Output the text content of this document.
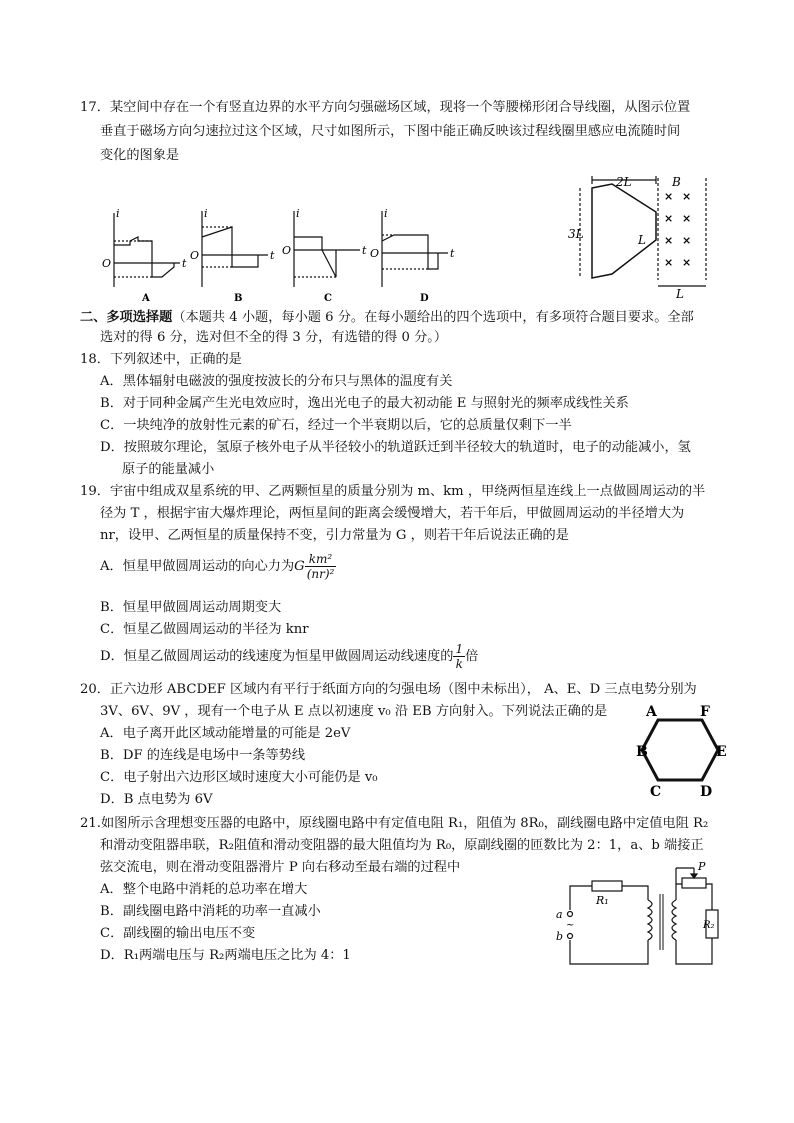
17．某空间中存在一个有竖直边界的水平方向匀强磁场区域，现将一个等腰梯形闭合导线圈，从图示位置
垂直于磁场方向匀速拉过这个区域，尺寸如图所示，下图中能正确反映该过程线圈里感应电流随时间
变化的图象是
i
t
O
i
t
O
i
t
O
i
t
O
A	B	C	D
2L
3L	L
B
L
× ×
× ×
× ×
× ×
二、多项选择题（本题共 4 小题，每小题 6 分。在每小题给出的四个选项中，有多项符合题目要求。全部
选对的得 6 分，选对但不全的得 3 分，有选错的得 0 分。）
18．下列叙述中，正确的是
A．黑体辐射电磁波的强度按波长的分布只与黑体的温度有关
B．对于同种金属产生光电效应时，逸出光电子的最大初动能 E 与照射光的频率成线性关系
C．一块纯净的放射性元素的矿石，经过一个半衰期以后，它的总质量仅剩下一半
D．按照玻尔理论，氢原子核外电子从半径较小的轨道跃迁到半径较大的轨道时，电子的动能减小，氢
原子的能量减小
19．宇宙中组成双星系统的甲、乙两颗恒星的质量分别为 m、km ，甲绕两恒星连线上一点做圆周运动的半
径为 T ，根据宇宙大爆炸理论，两恒星间的距离会缓慢增大，若干年后，甲做圆周运动的半径增大为
nr，设甲、乙两恒星的质量保持不变，引力常量为 G ，则若干年后说法正确的是
A．恒星甲做圆周运动的向心力为G $\frac{\text{km²}}{\text{(nr)²}}$
B．恒星甲做圆周运动周期变大
C．恒星乙做圆周运动的半径为 knr
D．恒星乙做圆周运动的线速度为恒星甲做圆周运动线速度的 $\frac{1}{k}$ 倍
20．正六边形 ABCDEF 区域内有平行于纸面方向的匀强电场（图中未标出）， A、E、D 三点电势分别为
3V、6V、9V ，现有一个电子从 E 点以初速度 v₀ 沿 EB 方向射入。下列说法正确的是
A．电子离开此区域动能增量的可能是 2eV
B．DF 的连线是电场中一条等势线
C．电子射出六边形区域时速度大小可能仍是 v₀
D．B 点电势为 6V
A	F
B	E
C	D
21.如图所示含理想变压器的电路中，原线圈电路中有定值电阻 R₁，阻值为 8R₀，副线圈电路中定值电阻 R₂
和滑动变阻器串联，R₂阻值和滑动变阻器的最大阻值均为 R₀，原副线圈的匝数比为 2：1，a、b 端接正
弦交流电，则在滑动变阻器滑片 P 向右移动至最右端的过程中
A．整个电路中消耗的总功率在增大
B．副线圈电路中消耗的功率一直减小
C．副线圈的输出电压不变
D．R₁两端电压与 R₂两端电压之比为 4：1
R₁
P
a
b
R₂
~
